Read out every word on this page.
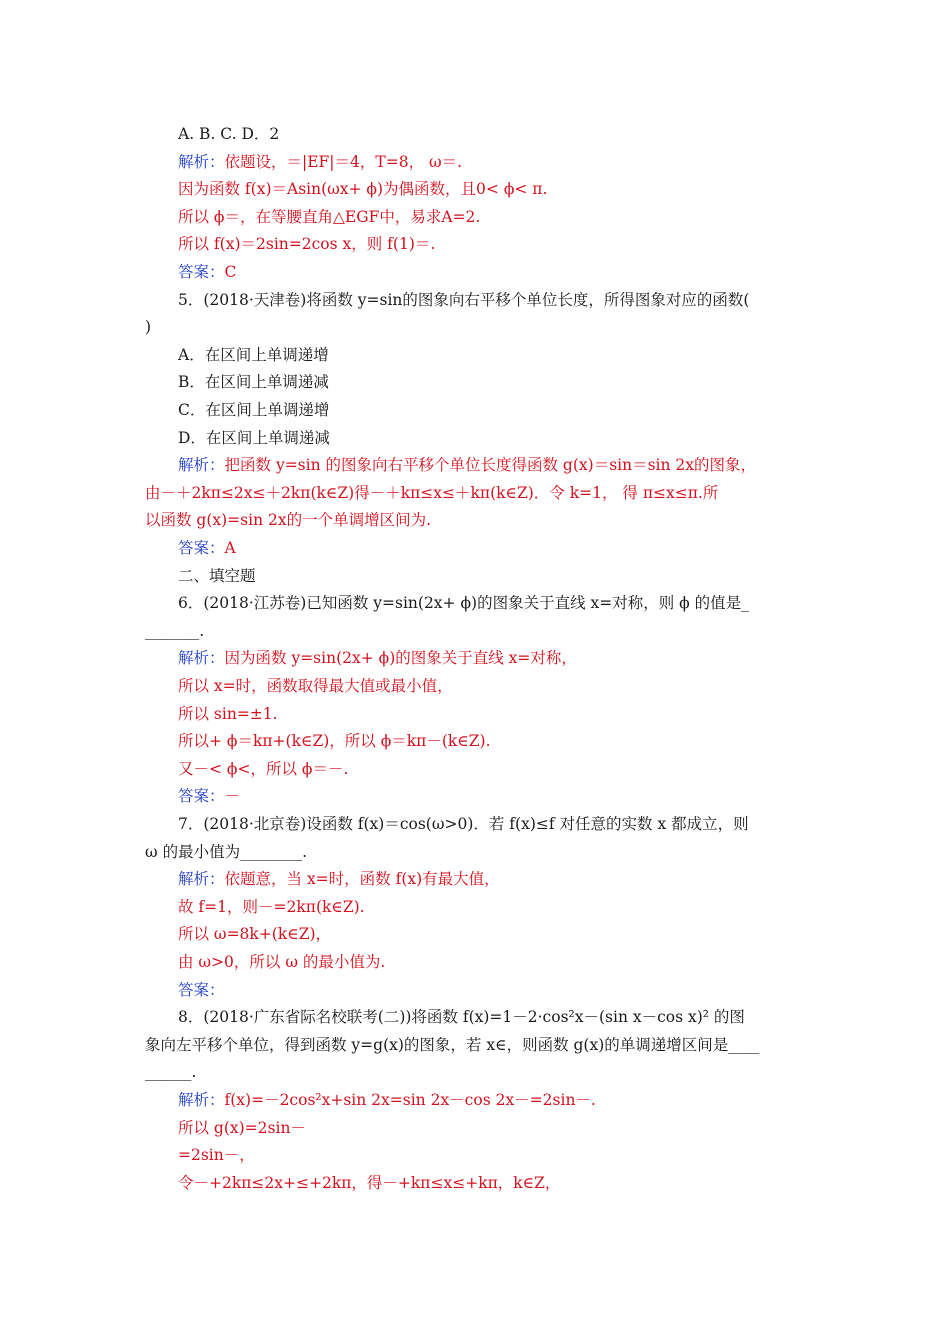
A. B. C. D．2
解析：依题设，＝|EF|＝4，T=8， ω＝.
因为函数 f(x)＝Asin(ωx+ ϕ)为偶函数，且0< ϕ< π.
所以 ϕ＝，在等腰直角△EGF中，易求A=2.
所以 f(x)＝2sin=2cos x，则 f(1)＝.
答案：C
5．(2018·天津卷)将函数 y=sin的图象向右平移个单位长度，所得图象对应的函数(
)
A．在区间上单调递增
B．在区间上单调递减
C．在区间上单调递增
D．在区间上单调递减
解析：把函数 y=sin 的图象向右平移个单位长度得函数 g(x)＝sin＝sin 2x的图象，
由－＋2kπ≤2x≤＋2kπ(k∈Z)得－＋kπ≤x≤＋kπ(k∈Z)．令 k=1， 得 π≤x≤π.所
以函数 g(x)=sin 2x的一个单调增区间为.
答案：A
二、填空题
6．(2018·江苏卷)已知函数 y=sin(2x+ ϕ)的图象关于直线 x=对称，则 ϕ 的值是_
_______.
解析：因为函数 y=sin(2x+ ϕ)的图象关于直线 x=对称，
所以 x=时，函数取得最大值或最小值，
所以 sin=±1.
所以+ ϕ＝kπ+(k∈Z)，所以 ϕ＝kπ－(k∈Z).
又－< ϕ<，所以 ϕ＝－.
答案：－
7．(2018·北京卷)设函数 f(x)＝cos(ω>0)．若 f(x)≤f 对任意的实数 x 都成立，则
ω 的最小值为________.
解析：依题意，当 x=时，函数 f(x)有最大值，
故 f=1，则－=2kπ(k∈Z).
所以 ω=8k+(k∈Z)，
由 ω>0，所以 ω 的最小值为.
答案：
8．(2018·广东省际名校联考(二))将函数 f(x)=1－2·cos²x－(sin x－cos x)² 的图
象向左平移个单位，得到函数 y=g(x)的图象，若 x∈，则函数 g(x)的单调递增区间是____
______.
解析：f(x)=－2cos²x+sin 2x=sin 2x－cos 2x－=2sin－.
所以 g(x)=2sin－
=2sin－，
令－+2kπ≤2x+≤+2kπ，得－+kπ≤x≤+kπ，k∈Z，
